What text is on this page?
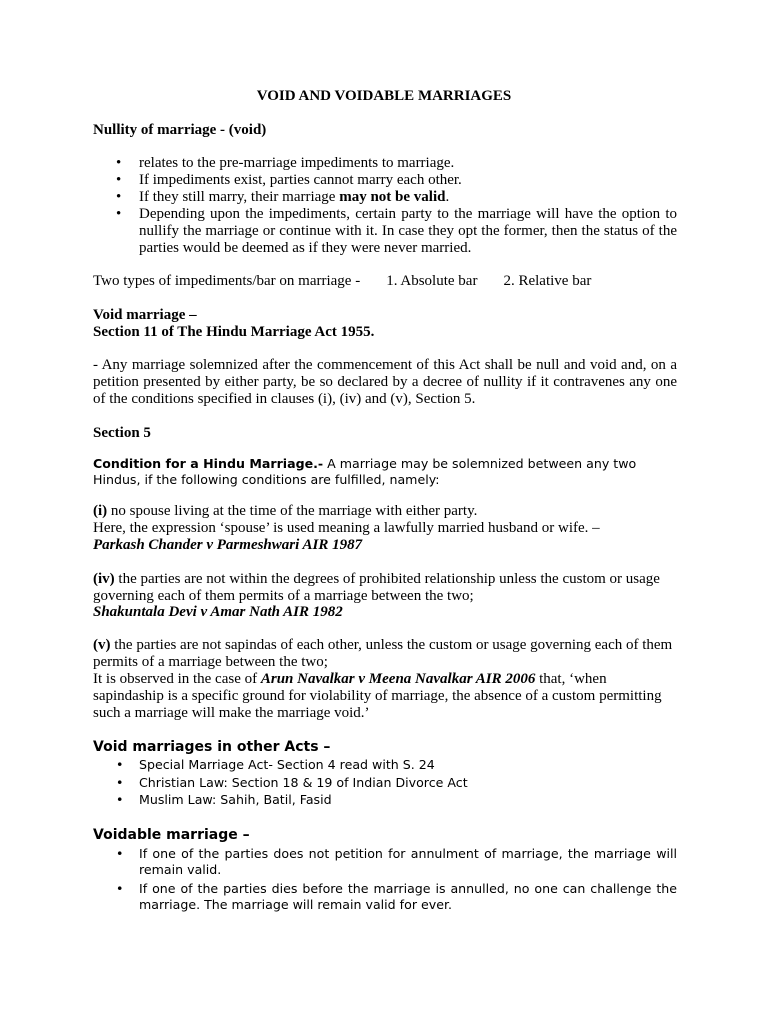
VOID AND VOIDABLE MARRIAGES

Nullity of marriage - (void)

• relates to the pre-marriage impediments to marriage.
• If impediments exist, parties cannot marry each other.
• If they still marry, their marriage may not be valid.
• Depending upon the impediments, certain party to the marriage will have the option to nullify the marriage or continue with it. In case they opt the former, then the status of the parties would be deemed as if they were never married.

Two types of impediments/bar on marriage - 1. Absolute bar 2. Relative bar

Void marriage –

Section 11 of The Hindu Marriage Act 1955.

- Any marriage solemnized after the commencement of this Act shall be null and void and, on a petition presented by either party, be so declared by a decree of nullity if it contravenes any one of the conditions specified in clauses (i), (iv) and (v), Section 5.

Section 5

Condition for a Hindu Marriage.- A marriage may be solemnized between any two Hindus, if the following conditions are fulfilled, namely:

(i) no spouse living at the time of the marriage with either party.

Here, the expression ‘spouse’ is used meaning a lawfully married husband or wife. –

Parkash Chander v Parmeshwari AIR 1987

(iv) the parties are not within the degrees of prohibited relationship unless the custom or usage governing each of them permits of a marriage between the two;

Shakuntala Devi v Amar Nath AIR 1982

(v) the parties are not sapindas of each other, unless the custom or usage governing each of them permits of a marriage between the two;

It is observed in the case of Arun Navalkar v Meena Navalkar AIR 2006 that, ‘when sapindaship is a specific ground for violability of marriage, the absence of a custom permitting such a marriage will make the marriage void.’

Void marriages in other Acts –

• Special Marriage Act- Section 4 read with S. 24
• Christian Law: Section 18 & 19 of Indian Divorce Act
• Muslim Law: Sahih, Batil, Fasid

Voidable marriage –

• If one of the parties does not petition for annulment of marriage, the marriage will remain valid.
• If one of the parties dies before the marriage is annulled, no one can challenge the marriage. The marriage will remain valid for ever.
